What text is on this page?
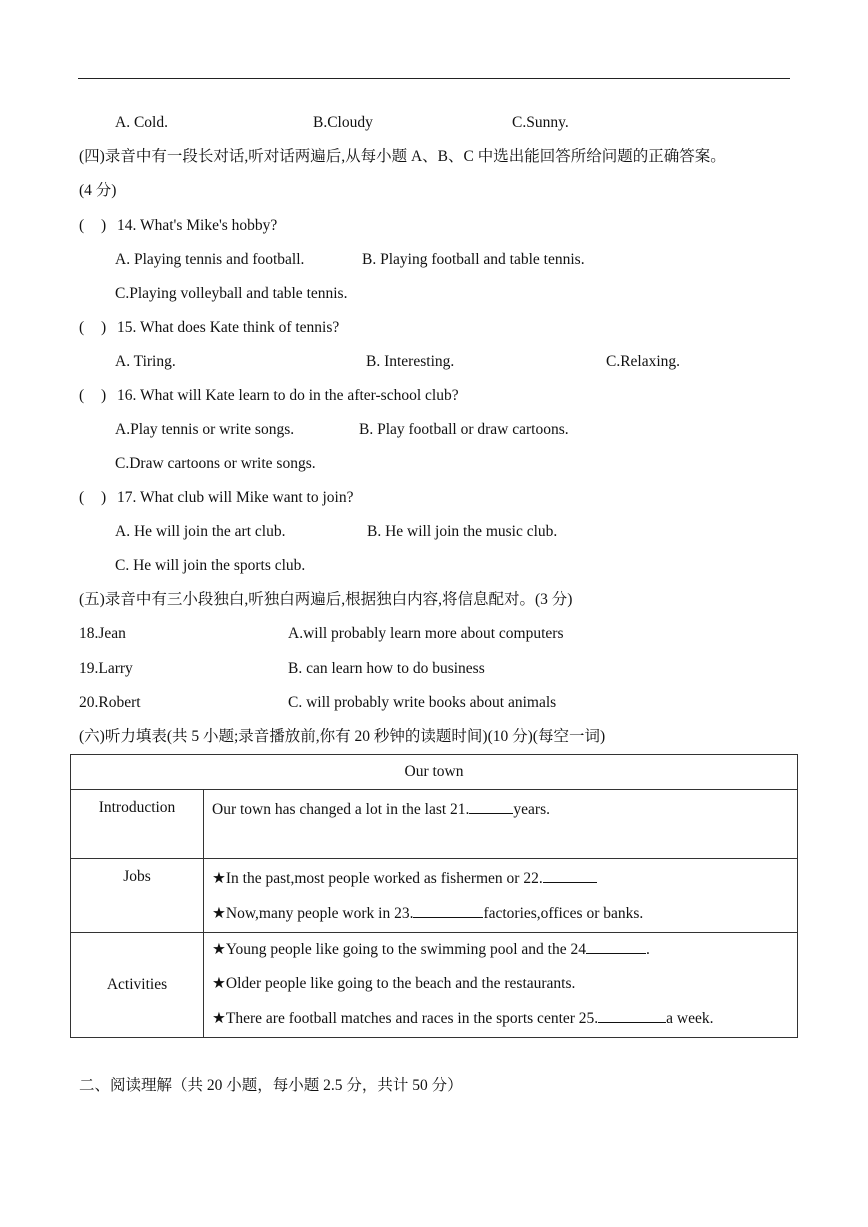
A. Cold.	B.Cloudy	C.Sunny.
(四)录音中有一段长对话,听对话两遍后,从每小题 A、B、C 中选出能回答所给问题的正确答案。
(4 分)
( ) 14. What's Mike's hobby?
A. Playing tennis and football.	B. Playing football and table tennis.
C.Playing volleyball and table tennis.
( ) 15. What does Kate think of tennis?
A. Tiring.	B. Interesting.	C.Relaxing.
( ) 16. What will Kate learn to do in the after-school club?
A.Play tennis or write songs.	B. Play football or draw cartoons.
C.Draw cartoons or write songs.
( ) 17. What club will Mike want to join?
A. He will join the art club.	B. He will join the music club.
C. He will join the sports club.
(五)录音中有三小段独白,听独白两遍后,根据独白内容,将信息配对。(3 分)
18.Jean	A.will probably learn more about computers
19.Larry	B. can learn how to do business
20.Robert	C. will probably write books about animals
(六)听力填表(共 5 小题;录音播放前,你有 20 秒钟的读题时间)(10 分)(每空一词)
Our town	
Introduction	Our town has changed a lot in the last 21. years.

Jobs	★In the past,most people worked as fishermen or 22.
★Now,many people work in 23. factories,offices or banks.

Activities	★Young people like going to the swimming pool and the 24 .
★Older people like going to the beach and the restaurants.
★There are football matches and races in the sports center 25. a week.
二、阅读理解（共 20 小题，每小题 2.5 分，共计 50 分）
